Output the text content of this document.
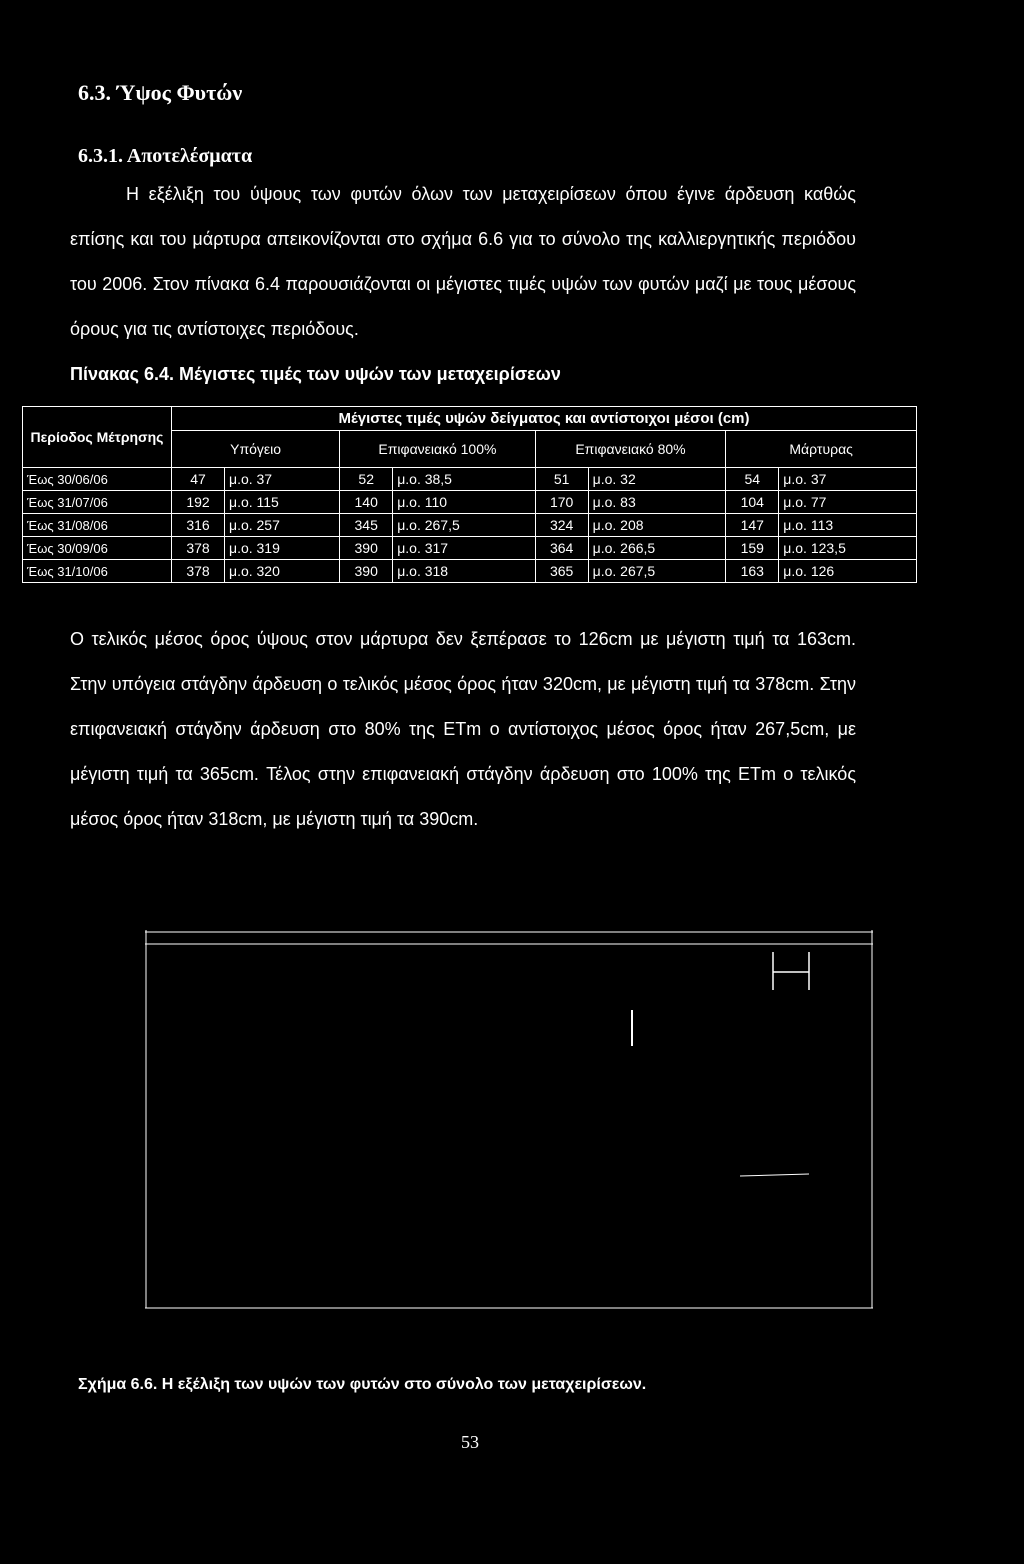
6.3. Ύψος Φυτών
6.3.1. Αποτελέσματα
Η εξέλιξη του ύψους των φυτών όλων των μεταχειρίσεων όπου έγινε άρδευση καθώς επίσης και του μάρτυρα απεικονίζονται στο σχήμα 6.6 για το σύνολο της καλλιεργητικής περιόδου του 2006. Στον πίνακα 6.4 παρουσιάζονται οι μέγιστες τιμές υψών των φυτών μαζί με τους μέσους όρους για τις αντίστοιχες περιόδους.
Πίνακας 6.4. Μέγιστες τιμές των υψών των μεταχειρίσεων
Περίοδος Μέτρησης	Μέγιστες τιμές υψών δείγματος και αντίστοιχοι μέσοι (cm)							
	Υπόγειο		Επιφανειακό 100%		Επιφανειακό 80%		Μάρτυρας	
Έως 30/06/06	47	μ.ο. 37	52	μ.ο. 38,5	51	μ.ο. 32	54	μ.ο. 37
Έως 31/07/06	192	μ.ο. 115	140	μ.ο. 110	170	μ.ο. 83	104	μ.ο. 77
Έως 31/08/06	316	μ.ο. 257	345	μ.ο. 267,5	324	μ.ο. 208	147	μ.ο. 113
Έως 30/09/06	378	μ.ο. 319	390	μ.ο. 317	364	μ.ο. 266,5	159	μ.ο. 123,5
Έως 31/10/06	378	μ.ο. 320	390	μ.ο. 318	365	μ.ο. 267,5	163	μ.ο. 126
Ο τελικός μέσος όρος ύψους στον μάρτυρα δεν ξεπέρασε το 126cm με μέγιστη τιμή τα 163cm. Στην υπόγεια στάγδην άρδευση ο τελικός μέσος όρος ήταν 320cm, με μέγιστη τιμή τα 378cm. Στην επιφανειακή στάγδην άρδευση στο 80% της ETm ο αντίστοιχος μέσος όρος ήταν 267,5cm, με μέγιστη τιμή τα 365cm. Τέλος στην επιφανειακή στάγδην άρδευση στο 100% της ETm ο τελικός μέσος όρος ήταν 318cm, με μέγιστη τιμή τα 390cm.
Σχήμα 6.6. Η εξέλιξη των υψών των φυτών στο σύνολο των μεταχειρίσεων.
53
